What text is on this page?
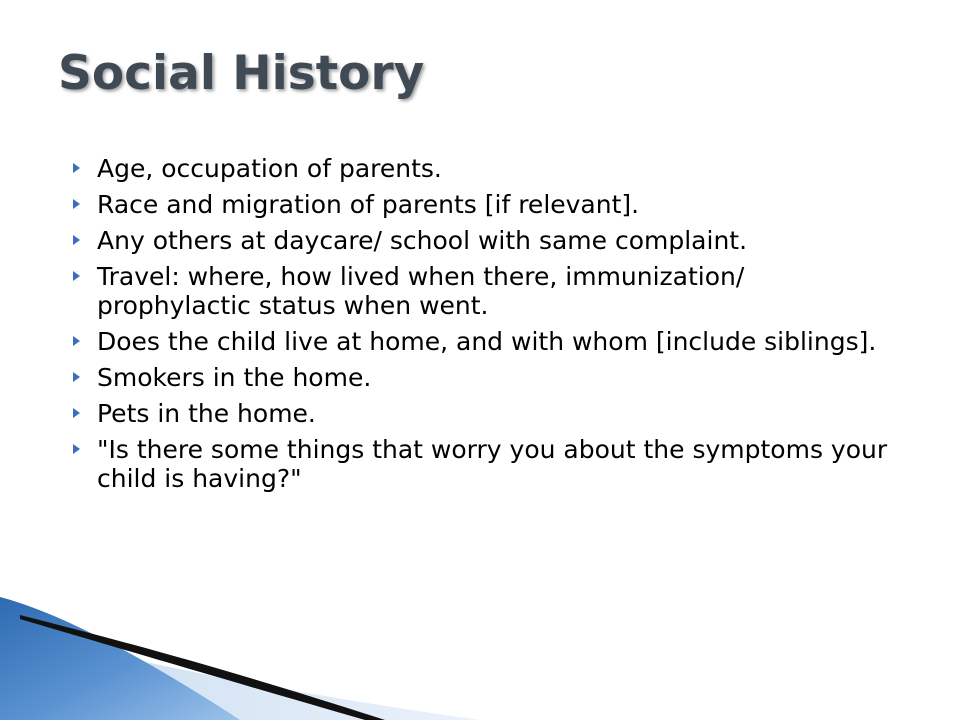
Social History
Age, occupation of parents.
Race and migration of parents [if relevant].
Any others at daycare/ school with same complaint.
Travel: where, how lived when there, immunization/ prophylactic status when went.
Does the child live at home, and with whom [include siblings].
Smokers in the home.
Pets in the home.
"Is there some things that worry you about the symptoms your child is having?"
